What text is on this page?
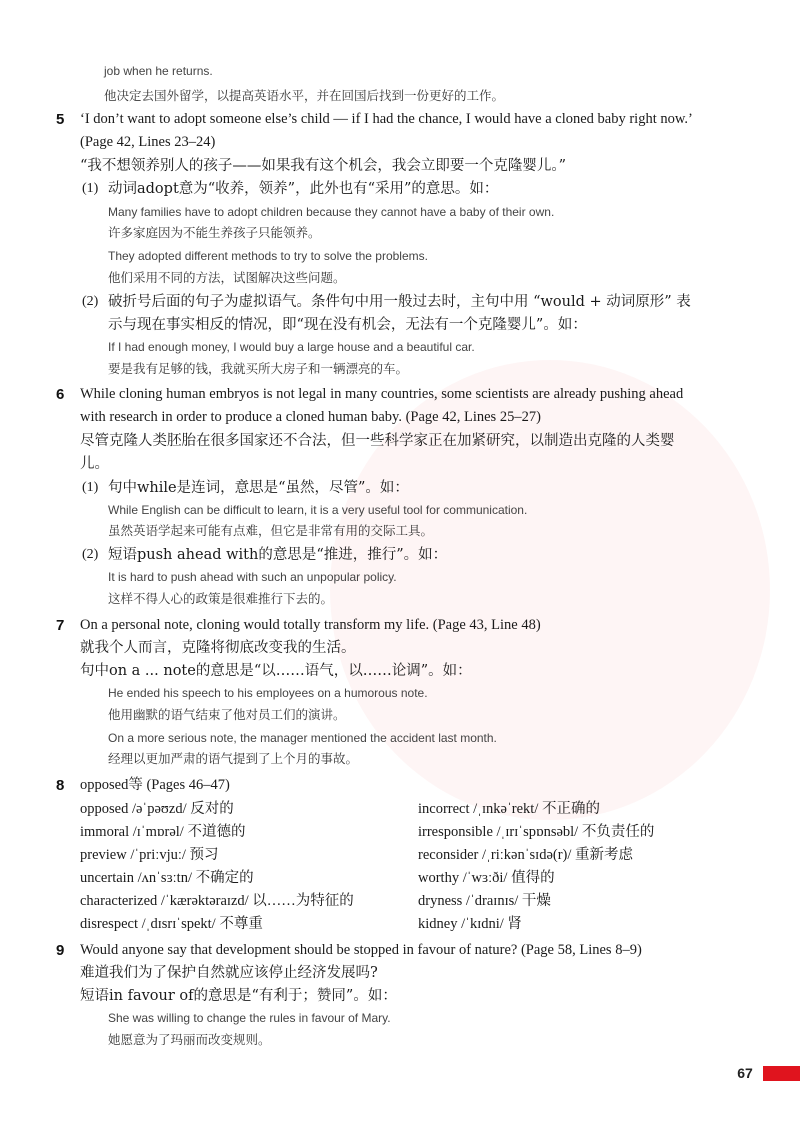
job when he returns.
他决定去国外留学，以提高英语水平，并在回国后找到一份更好的工作。
5 ‘I don’t want to adopt someone else’s child — if I had the chance, I would have a cloned baby right now.’
(Page 42, Lines 23–24)
“我不想领养别人的孩子——如果我有这个机会，我会立即要一个克隆婴儿。”
(1) 动词adopt意为“收养，领养”，此外也有“采用”的意思。如：
Many families have to adopt children because they cannot have a baby of their own.
许多家庭因为不能生养孩子只能领养。
They adopted different methods to try to solve the problems.
他们采用不同的方法，试图解决这些问题。
(2) 破折号后面的句子为虚拟语气。条件句中用一般过去时，主句中用 “would + 动词原形” 表
示与现在事实相反的情况，即“现在没有机会，无法有一个克隆婴儿”。如：
If I had enough money, I would buy a large house and a beautiful car.
要是我有足够的钱，我就买所大房子和一辆漂亮的车。
6 While cloning human embryos is not legal in many countries, some scientists are already pushing ahead
with research in order to produce a cloned human baby. (Page 42, Lines 25–27)
尽管克隆人类胚胎在很多国家还不合法，但一些科学家正在加紧研究，以制造出克隆的人类婴
儿。
(1) 句中while是连词，意思是“虽然，尽管”。如：
While English can be difficult to learn, it is a very useful tool for communication.
虽然英语学起来可能有点难，但它是非常有用的交际工具。
(2) 短语push ahead with的意思是“推进，推行”。如：
It is hard to push ahead with such an unpopular policy.
这样不得人心的政策是很难推行下去的。
7 On a personal note, cloning would totally transform my life. (Page 43, Line 48)
就我个人而言，克隆将彻底改变我的生活。
句中on a ... note的意思是“以……语气，以……论调”。如：
He ended his speech to his employees on a humorous note.
他用幽默的语气结束了他对员工们的演讲。
On a more serious note, the manager mentioned the accident last month.
经理以更加严肃的语气提到了上个月的事故。
8 opposed等 (Pages 46–47)
opposed /əˈpəʊzd/ 反对的
immoral /ɪˈmɒrəl/ 不道德的
preview /ˈpriːvjuː/ 预习
uncertain /ʌnˈsɜːtn/ 不确定的
characterized /ˈkærəktəraɪzd/ 以……为特征的
disrespect /ˌdɪsrɪˈspekt/ 不尊重
incorrect /ˌɪnkəˈrekt/ 不正确的
irresponsible /ˌɪrɪˈspɒnsəbl/ 不负责任的
reconsider /ˌriːkənˈsɪdə(r)/ 重新考虑
worthy /ˈwɜːði/ 值得的
dryness /ˈdraɪnɪs/ 干燥
kidney /ˈkɪdni/ 肾
9 Would anyone say that development should be stopped in favour of nature? (Page 58, Lines 8–9)
难道我们为了保护自然就应该停止经济发展吗?
短语in favour of的意思是“有利于；赞同”。如：
She was willing to change the rules in favour of Mary.
她愿意为了玛丽而改变规则。
67
